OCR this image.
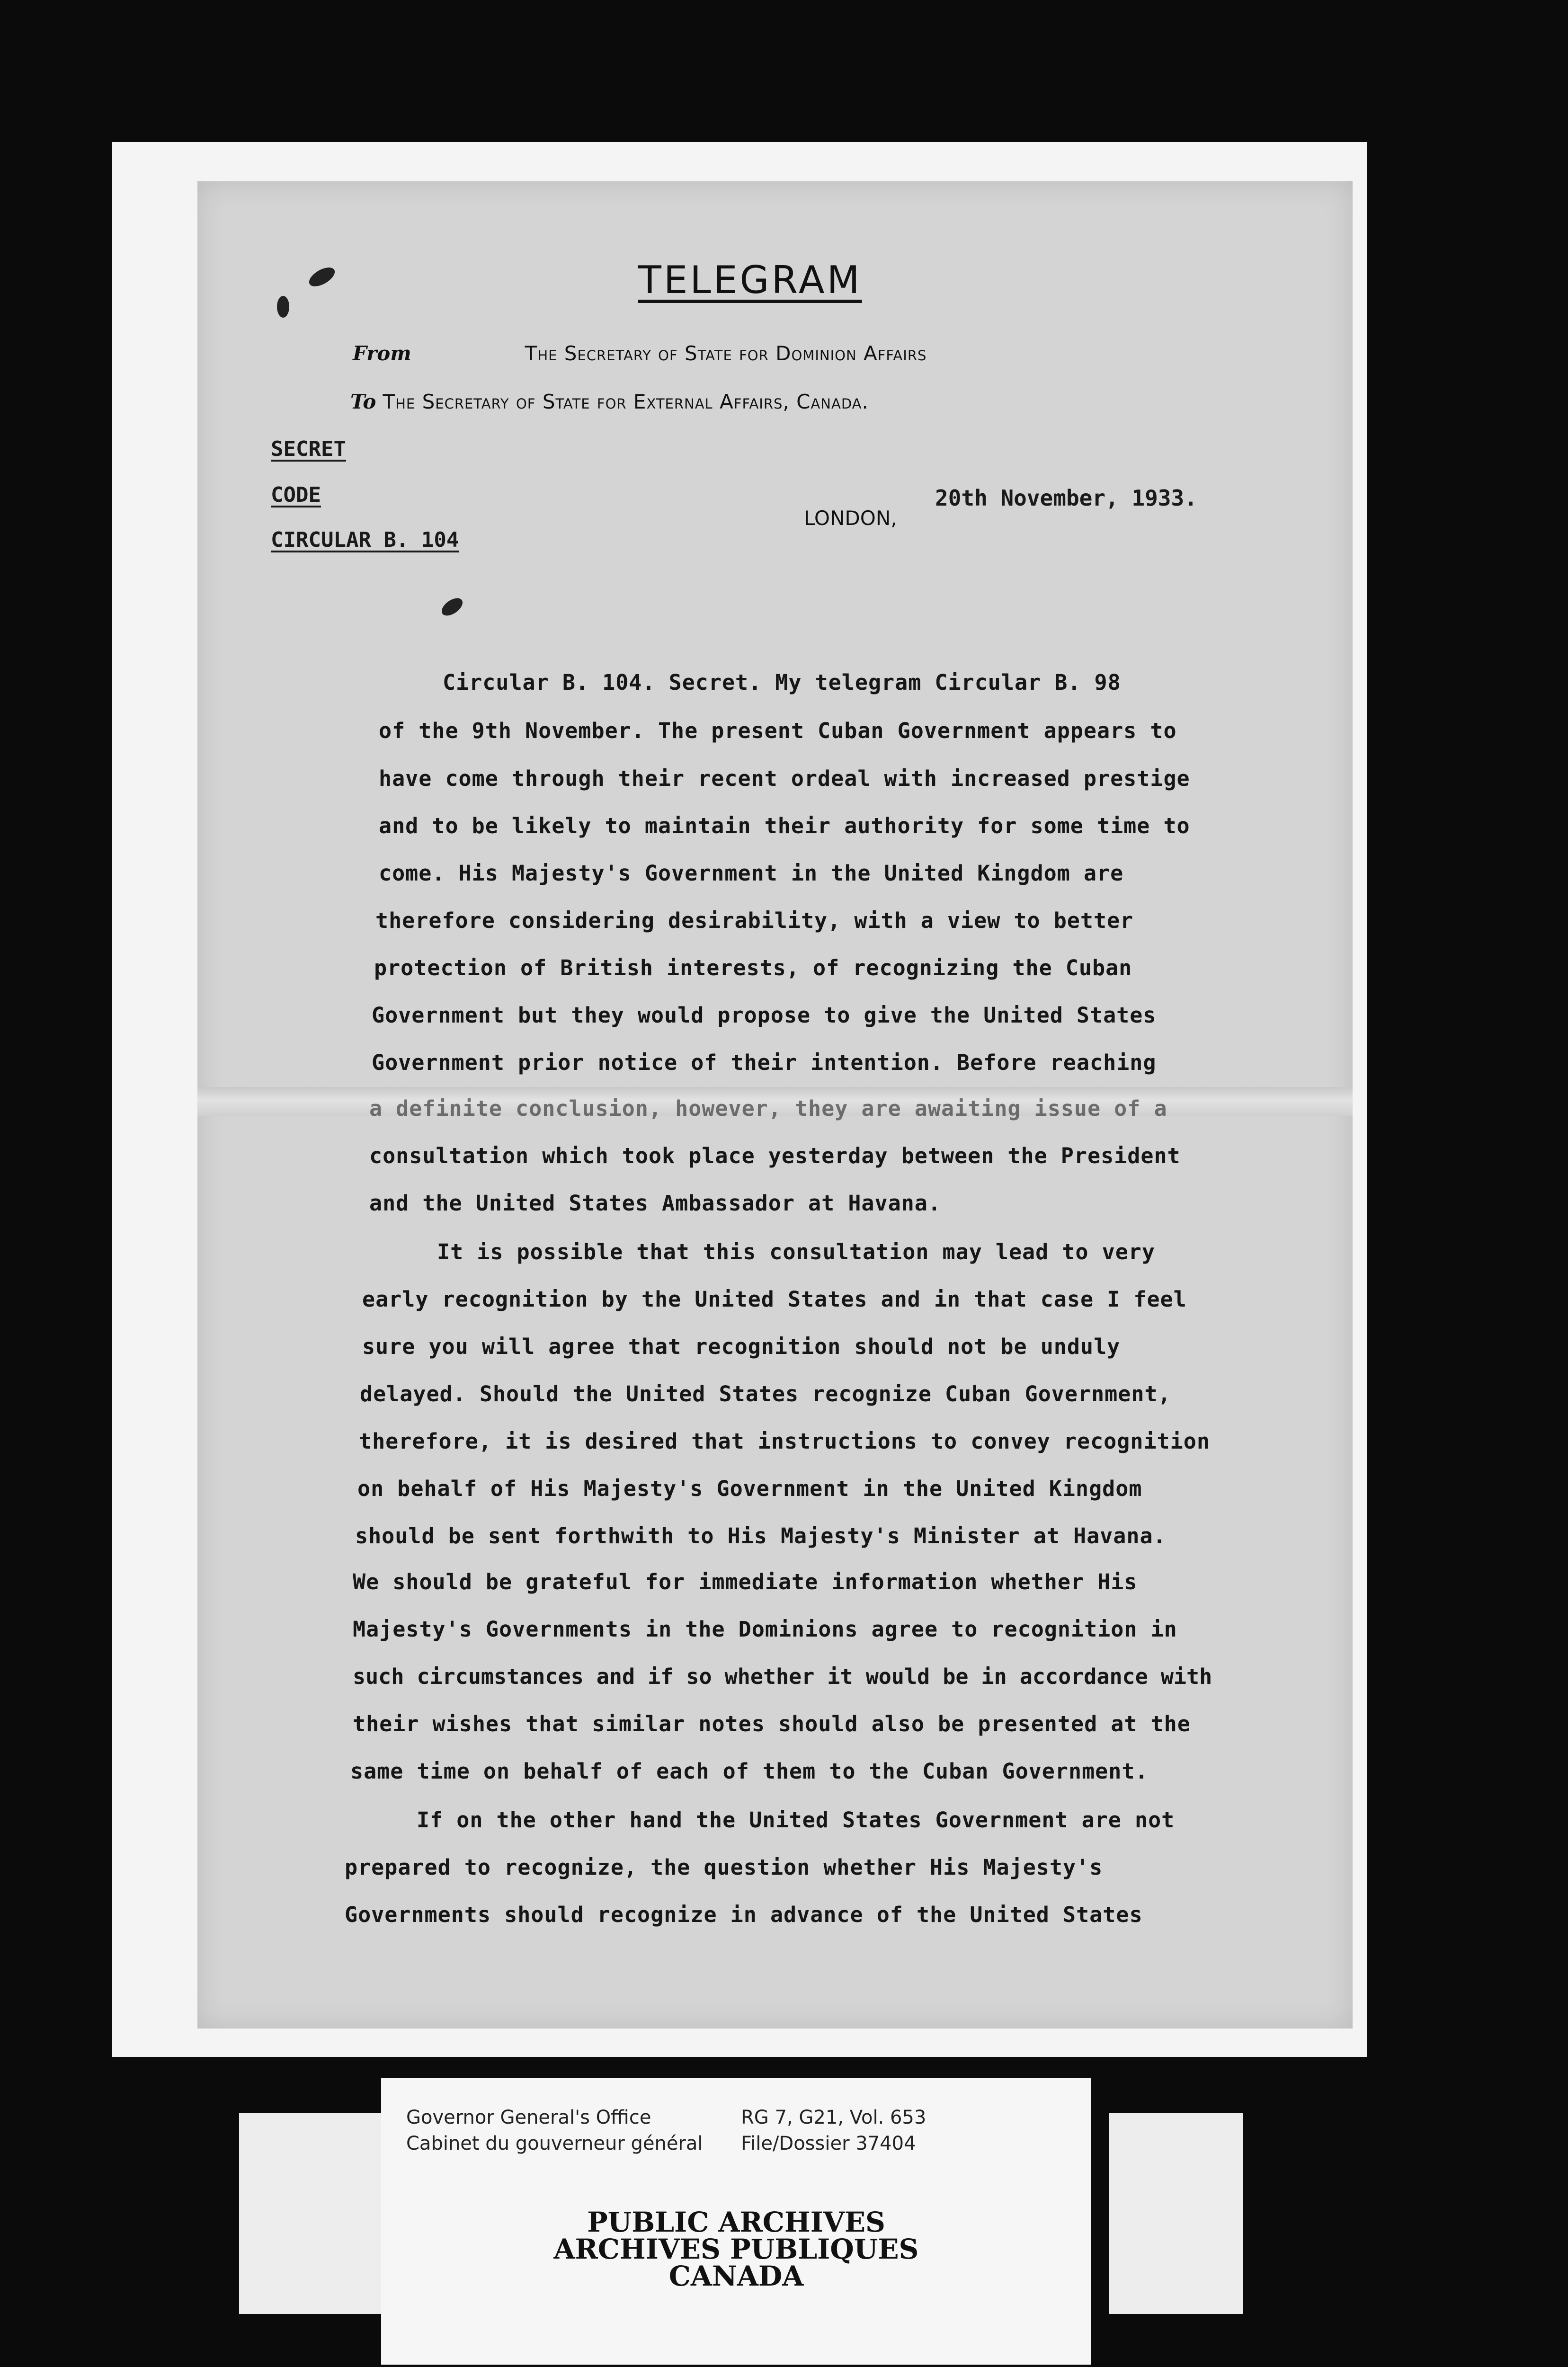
TELEGRAM
From	The Secretary of State for Dominion Affairs
To The Secretary of State for External Affairs, Canada.

SECRET

CODE

CIRCULAR B. 104

LONDON,
20th November, 1933.
Circular B. 104. Secret. My telegram Circular B. 98
of the 9th November. The present Cuban Government appears to
have come through their recent ordeal with increased prestige
and to be likely to maintain their authority for some time to
come. His Majesty's Government in the United Kingdom are
therefore considering desirability, with a view to better
protection of British interests, of recognizing the Cuban
Government but they would propose to give the United States
Government prior notice of their intention. Before reaching
a definite conclusion, however, they are awaiting issue of a
consultation which took place yesterday between the President
and the United States Ambassador at Havana.
It is possible that this consultation may lead to very
early recognition by the United States and in that case I feel
sure you will agree that recognition should not be unduly
delayed. Should the United States recognize Cuban Government,
therefore, it is desired that instructions to convey recognition
on behalf of His Majesty's Government in the United Kingdom
should be sent forthwith to His Majesty's Minister at Havana.
We should be grateful for immediate information whether His
Majesty's Governments in the Dominions agree to recognition in
such circumstances and if so whether it would be in accordance with
their wishes that similar notes should also be presented at the
same time on behalf of each of them to the Cuban Government.
If on the other hand the United States Government are not
prepared to recognize, the question whether His Majesty's
Governments should recognize in advance of the United States
Governor General's Office
Cabinet du gouverneur général
RG 7, G21, Vol. 653
File/Dossier 37404
PUBLIC ARCHIVES
ARCHIVES PUBLIQUES
CANADA
